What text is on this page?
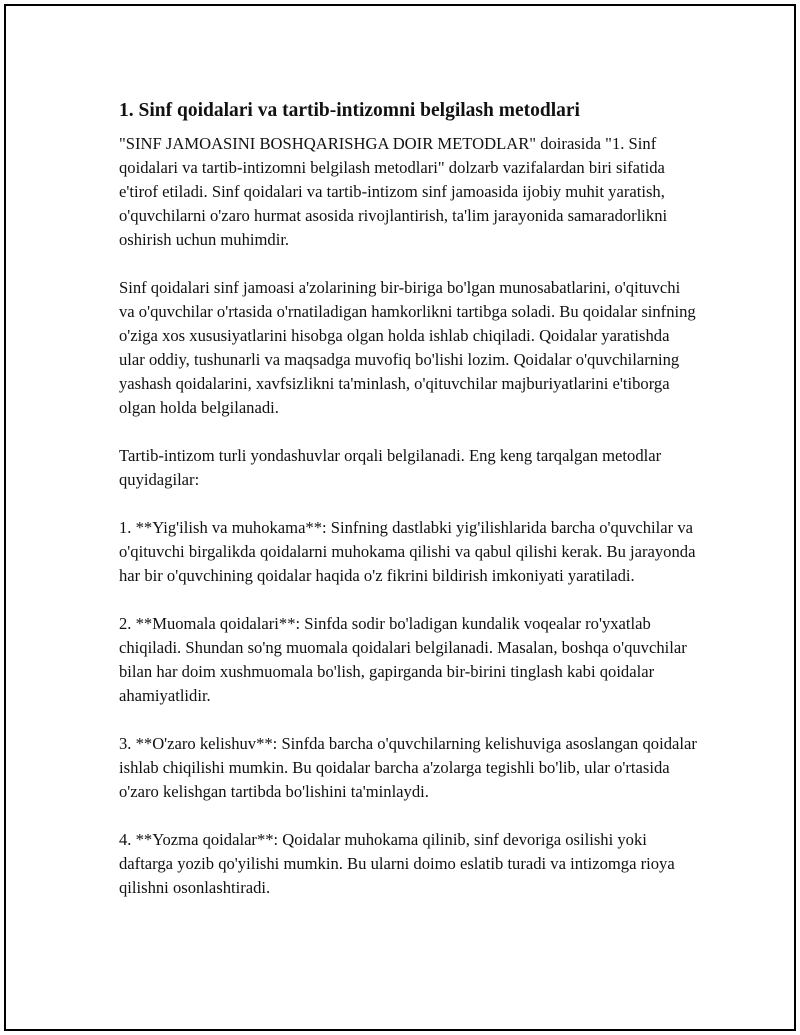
1. Sinf qoidalari va tartib-intizomni belgilash metodlari

"SINF JAMOASINI BOSHQARISHGA DOIR METODLAR" doirasida "1. Sinf qoidalari va tartib-intizomni belgilash metodlari" dolzarb vazifalardan biri sifatida e'tirof etiladi. Sinf qoidalari va tartib-intizom sinf jamoasida ijobiy muhit yaratish, o'quvchilarni o'zaro hurmat asosida rivojlantirish, ta'lim jarayonida samaradorlikni oshirish uchun muhimdir.

Sinf qoidalari sinf jamoasi a'zolarining bir-biriga bo'lgan munosabatlarini, o'qituvchi va o'quvchilar o'rtasida o'rnatiladigan hamkorlikni tartibga soladi. Bu qoidalar sinfning o'ziga xos xususiyatlarini hisobga olgan holda ishlab chiqiladi. Qoidalar yaratishda ular oddiy, tushunarli va maqsadga muvofiq bo'lishi lozim. Qoidalar o'quvchilarning yashash qoidalarini, xavfsizlikni ta'minlash, o'qituvchilar majburiyatlarini e'tiborga olgan holda belgilanadi.

Tartib-intizom turli yondashuvlar orqali belgilanadi. Eng keng tarqalgan metodlar quyidagilar:

1. **Yig'ilish va muhokama**: Sinfning dastlabki yig'ilishlarida barcha o'quvchilar va o'qituvchi birgalikda qoidalarni muhokama qilishi va qabul qilishi kerak. Bu jarayonda har bir o'quvchining qoidalar haqida o'z fikrini bildirish imkoniyati yaratiladi.

2. **Muomala qoidalari**: Sinfda sodir bo'ladigan kundalik voqealar ro'yxatlab chiqiladi. Shundan so'ng muomala qoidalari belgilanadi. Masalan, boshqa o'quvchilar bilan har doim xushmuomala bo'lish, gapirganda bir-birini tinglash kabi qoidalar ahamiyatlidir.

3. **O'zaro kelishuv**: Sinfda barcha o'quvchilarning kelishuviga asoslangan qoidalar ishlab chiqilishi mumkin. Bu qoidalar barcha a'zolarga tegishli bo'lib, ular o'rtasida o'zaro kelishgan tartibda bo'lishini ta'minlaydi.

4. **Yozma qoidalar**: Qoidalar muhokama qilinib, sinf devoriga osilishi yoki daftarga yozib qo'yilishi mumkin. Bu ularni doimo eslatib turadi va intizomga rioya qilishni osonlashtiradi.
